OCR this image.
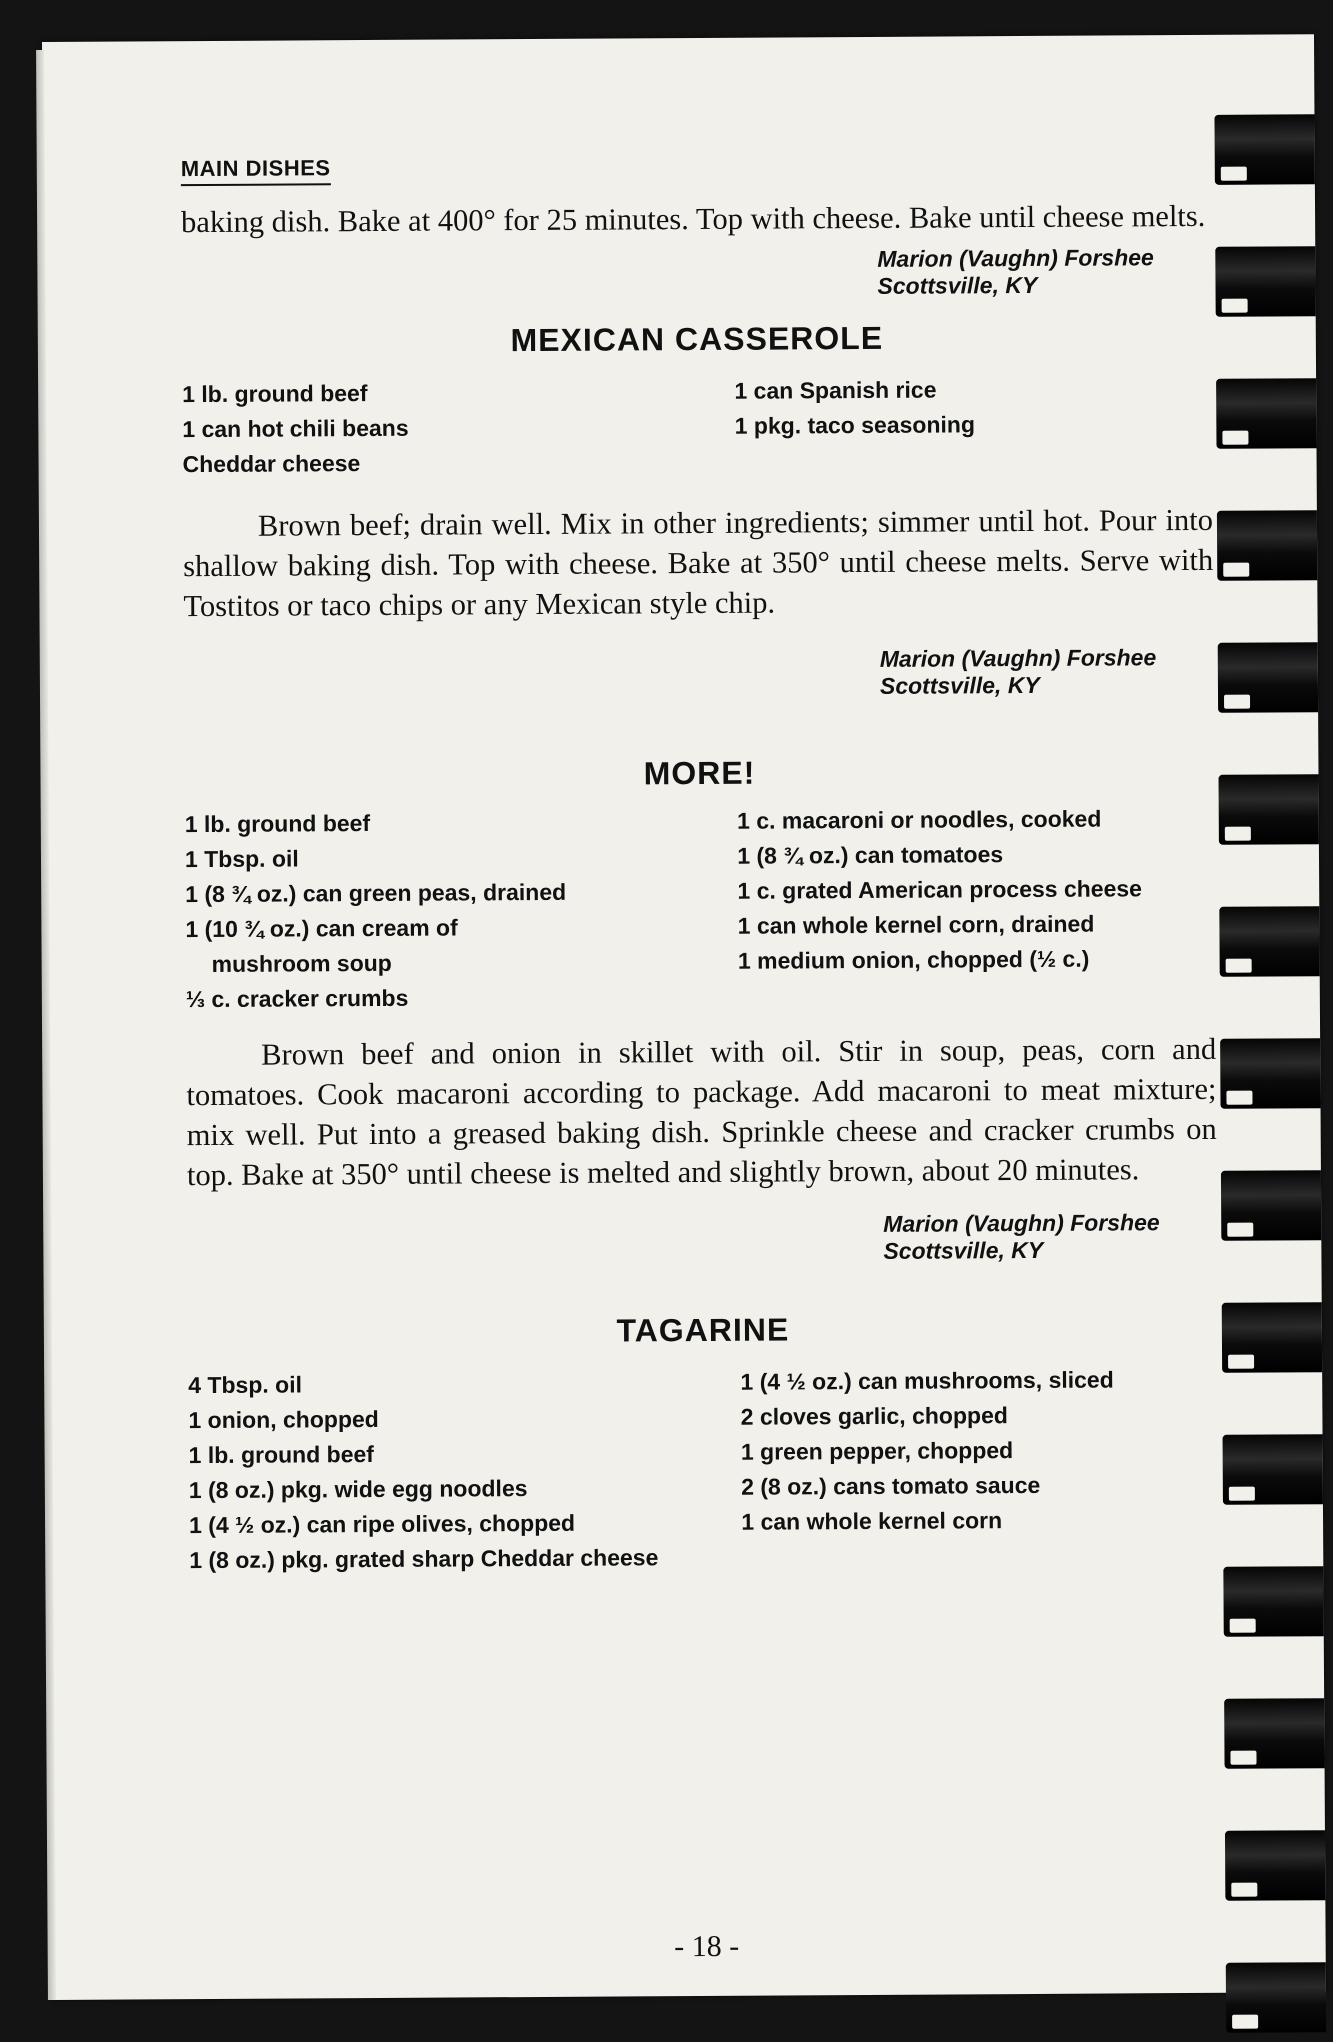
MAIN DISHES

baking dish. Bake at 400° for 25 minutes. Top with cheese. Bake until cheese melts.

Marion (Vaughn) Forshee
Scottsville, KY
MEXICAN CASSEROLE
1 lb. ground beef
1 can hot chili beans
Cheddar cheese
1 can Spanish rice
1 pkg. taco seasoning

Brown beef; drain well. Mix in other ingredients; simmer until hot. Pour into shallow baking dish. Top with cheese. Bake at 350° until cheese melts. Serve with Tostitos or taco chips or any Mexican style chip.

Marion (Vaughn) Forshee
Scottsville, KY
MORE!
1 lb. ground beef
1 Tbsp. oil
1 (8 ¾ oz.) can green peas, drained
1 (10 ¾ oz.) can cream of mushroom soup
⅓ c. cracker crumbs
1 c. macaroni or noodles, cooked
1 (8 ¾ oz.) can tomatoes
1 c. grated American process cheese
1 can whole kernel corn, drained
1 medium onion, chopped (½ c.)

Brown beef and onion in skillet with oil. Stir in soup, peas, corn and tomatoes. Cook macaroni according to package. Add macaroni to meat mixture; mix well. Put into a greased baking dish. Sprinkle cheese and cracker crumbs on top. Bake at 350° until cheese is melted and slightly brown, about 20 minutes.

Marion (Vaughn) Forshee
Scottsville, KY
TAGARINE
4 Tbsp. oil
1 onion, chopped
1 lb. ground beef
1 (8 oz.) pkg. wide egg noodles
1 (4 ½ oz.) can ripe olives, chopped
1 (8 oz.) pkg. grated sharp Cheddar cheese
1 (4 ½ oz.) can mushrooms, sliced
2 cloves garlic, chopped
1 green pepper, chopped
2 (8 oz.) cans tomato sauce
1 can whole kernel corn
- 18 -
